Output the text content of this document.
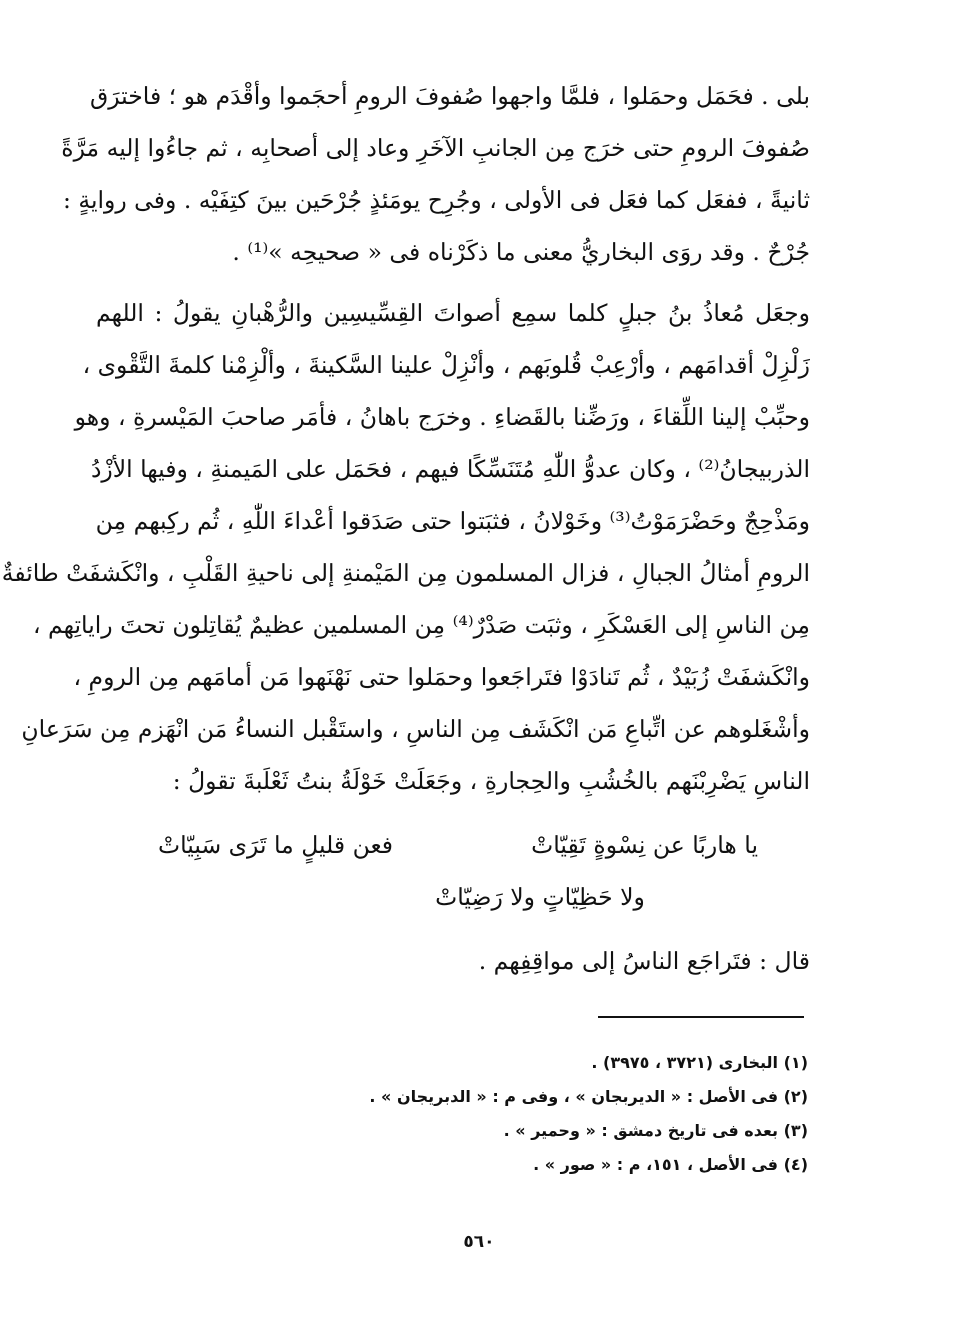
بلى . فحَمَل وحمَلوا ، فلمَّا واجهوا صُفوفَ الرومِ أحجَموا وأقْدَم هو ؛ فاخترَق
صُفوفَ الرومِ حتى خرَج مِن الجانبِ الآخَرِ وعاد إلى أصحابِه ، ثم جاءُوا إليه مَرَّةً
ثانيةً ، ففعَل كما فعَل فى الأولى ، وجُرِح يومَئذٍ جُرْحَين بينَ كتِفَيْه . وفى روايةٍ :
جُرْحٌ . وقد روَى البخاريُّ معنى ما ذكَرْناه فى « صحيحِه »⁽¹⁾ .
وجعَل مُعاذُ بنُ جبلٍ كلما سمِع أصواتَ القِسِّيسِين والرُّهْبانِ يقولُ : اللهم
زَلْزِلْ أقدامَهم ، وأرْعِبْ قُلوبَهم ، وأنْزِلْ علينا السَّكينةَ ، وألْزِمْنا كلمةَ التَّقْوى ،
وحبِّبْ إلينا اللِّقاءَ ، ورَضِّنا بالقَضاءِ . وخرَج باهانُ ، فأمَر صاحبَ المَيْسرةِ ، وهو
الذربيجانُ⁽²⁾ ، وكان عدوُّ اللّٰهِ مُتَنَسِّكًا فيهم ، فحَمَل على المَيمنةِ ، وفيها الأزْدُ
ومَذْحِجٌ وحَضْرَمَوْتُ⁽³⁾ وخَوْلانُ ، فثبَتوا حتى صَدَقوا أعْداءَ اللّٰهِ ، ثُم ركِبهم مِن
الرومِ أمثالُ الجبالِ ، فزال المسلمون مِن المَيْمنةِ إلى ناحيةِ القَلْبِ ، وانْكَشفَتْ طائفةٌ
مِن الناسِ إلى العَسْكَرِ ، وثبَت صَدْرٌ⁽⁴⁾ مِن المسلمين عظيمٌ يُقاتِلون تحتَ راياتِهم ،
وانْكَشفَتْ زُبَيْدٌ ، ثُم تَنادَوْا فتَراجَعوا وحمَلوا حتى نَهْنَهوا مَن أمامَهم مِن الرومِ ،
وأشْغَلوهم عن اتِّباعِ مَن انْكَشَف مِن الناسِ ، واستَقْبل النساءُ مَن انْهَزم مِن سَرَعانِ
الناسِ يَضْرِبْنَهم بالخُشُبِ والحِجارةِ ، وجَعَلَتْ خَوْلَةُ بنتُ ثَعْلَبةَ تقولُ :
يا هاربًا عن نِسْوةٍ تَقِيّاتْ
فعن قليلٍ ما تَرَى سَبِيّاتْ
ولا حَظِيّاتٍ ولا رَضِيّاتْ
قال : فتَراجَع الناسُ إلى مواقِفِهم .
(١) البخارى (٣٧٢١ ، ٣٩٧٥) .
(٢) فى الأصل : « الديربجان » ، وفى م : « الدبريجان » .
(٣) بعده فى تاريخ دمشق : « وحمير » .
(٤) فى الأصل ، ١٥١، م : « صور » .
٥٦٠
